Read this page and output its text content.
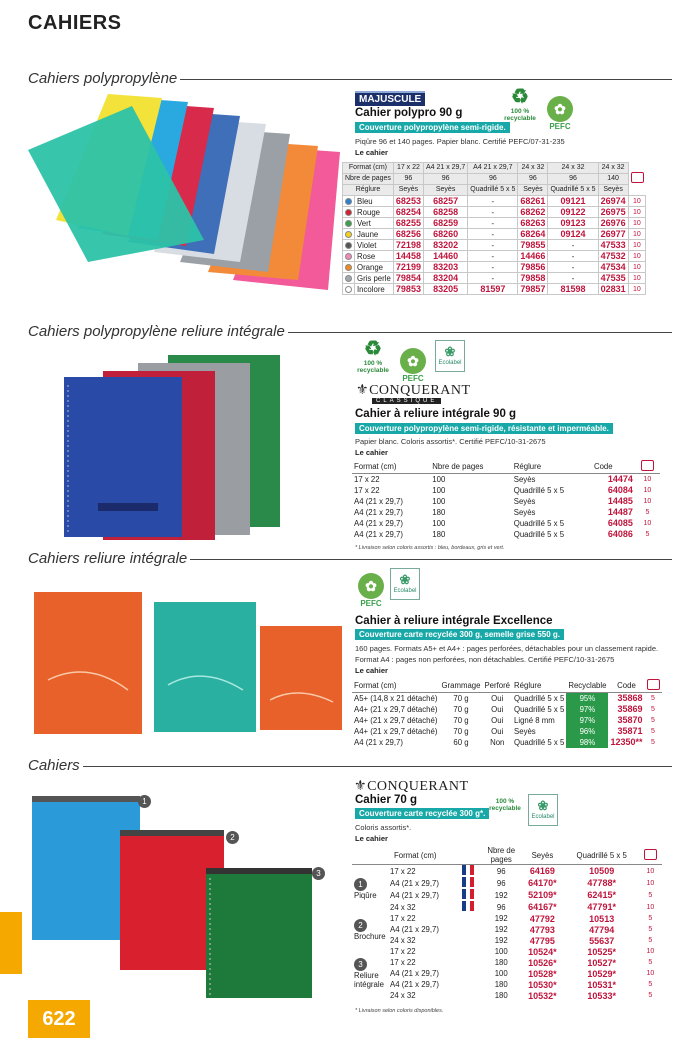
CAHIERS
Cahiers polypropylène
Cahiers polypropylène reliure intégrale
Cahiers reliure intégrale
Cahiers
MAJUSCULE
Cahier polypro 90 g
Couverture polypropylène semi-rigide.
Piqûre 96 et 140 pages. Papier blanc. Certifié PEFC/07-31-235
Le cahier
♻
100 %
recyclable
✿
PEFC
Format (cm)		17 x 22	A4 21 x 29,7	A4 21 x 29,7	24 x 32	24 x 32	24 x 32	
Nbre de pages		96	96	96	96	96	140	
Réglure		Seyès	Seyès	Quadrillé 5 x 5	Seyès	Quadrillé 5 x 5	Seyès	
	Bleu	68253	68257	-	68261	09121	26974	10
	Rouge	68254	68258	-	68262	09122	26975	10
	Vert	68255	68259	-	68263	09123	26976	10
	Jaune	68256	68260	-	68264	09124	26977	10
	Violet	72198	83202	-	79855	-	47533	10
	Rose	14458	14460	-	14466	-	47532	10
	Orange	72199	83203	-	79856	-	47534	10
	Gris perle	79854	83204	-	79858	-	47535	10
	Incolore	79853	83205	81597	79857	81598	02831	10
♻
100 %
recyclable
✿
PEFC
❀
Ecolabel
⚜CONQUERANT
CLASSIQUE
Cahier à reliure intégrale 90 g
Couverture polypropylène semi-rigide, résistante et imperméable.
Papier blanc. Coloris assortis*. Certifié PEFC/10-31-2675
Le cahier
Format (cm)	Nbre de pages	Réglure	Code	
17 x 22	100	Seyès	14474	10
17 x 22	100	Quadrillé 5 x 5	64084	10
A4 (21 x 29,7)	100	Seyès	14485	10
A4 (21 x 29,7)	180	Seyès	14487	5
A4 (21 x 29,7)	100	Quadrillé 5 x 5	64085	10
A4 (21 x 29,7)	180	Quadrillé 5 x 5	64086	5
* Livraison selon coloris assortis : bleu, bordeaux, gris et vert.
✿
PEFC
❀
Ecolabel
Cahier à reliure intégrale Excellence
Couverture carte recyclée 300 g, semelle grise 550 g.
160 pages. Formats A5+ et A4+ : pages perforées, détachables pour un classement rapide.
Format A4 : pages non perforées, non détachables. Certifié PEFC/10-31-2675
Le cahier
Format (cm)	Grammage	Perforé	Réglure	Recyclable	Code	
A5+ (14,8 x 21 détaché)	70 g	Oui	Quadrillé 5 x 5	95%	35868	5
A4+ (21 x 29,7 détaché)	70 g	Oui	Quadrillé 5 x 5	97%	35869	5
A4+ (21 x 29,7 détaché)	70 g	Oui	Ligné 8 mm	97%	35870	5
A4+ (21 x 29,7 détaché)	70 g	Oui	Seyès	96%	35871	5
A4 (21 x 29,7)	60 g	Non	Quadrillé 5 x 5	98%	12350**	5
1
2
3
⚜CONQUERANT
Cahier 70 g
Couverture carte recyclée 300 g*.
100 %
recyclable	❀
Ecolabel
Coloris assortis*.
Le cahier
	Format (cm)		Nbre de pages	Seyès	Quadrillé 5 x 5	
1
Piqûre	17 x 22		96	64169	10509	10
	A4 (21 x 29,7)		96	64170*	47788*	10
	A4 (21 x 29,7)		192	52109*	62415*	5
	24 x 32		96	64167*	47791*	10
2
Brochure	17 x 22		192	47792	10513	5
	A4 (21 x 29,7)		192	47793	47794	5
	24 x 32		192	47795	55637	5
3
Reliure intégrale	17 x 22		100	10524*	10525*	10
	17 x 22		180	10526*	10527*	5
	A4 (21 x 29,7)		100	10528*	10529*	10
	A4 (21 x 29,7)		180	10530*	10531*	5
	24 x 32		180	10532*	10533*	5
* Livraison selon coloris disponibles.
622
